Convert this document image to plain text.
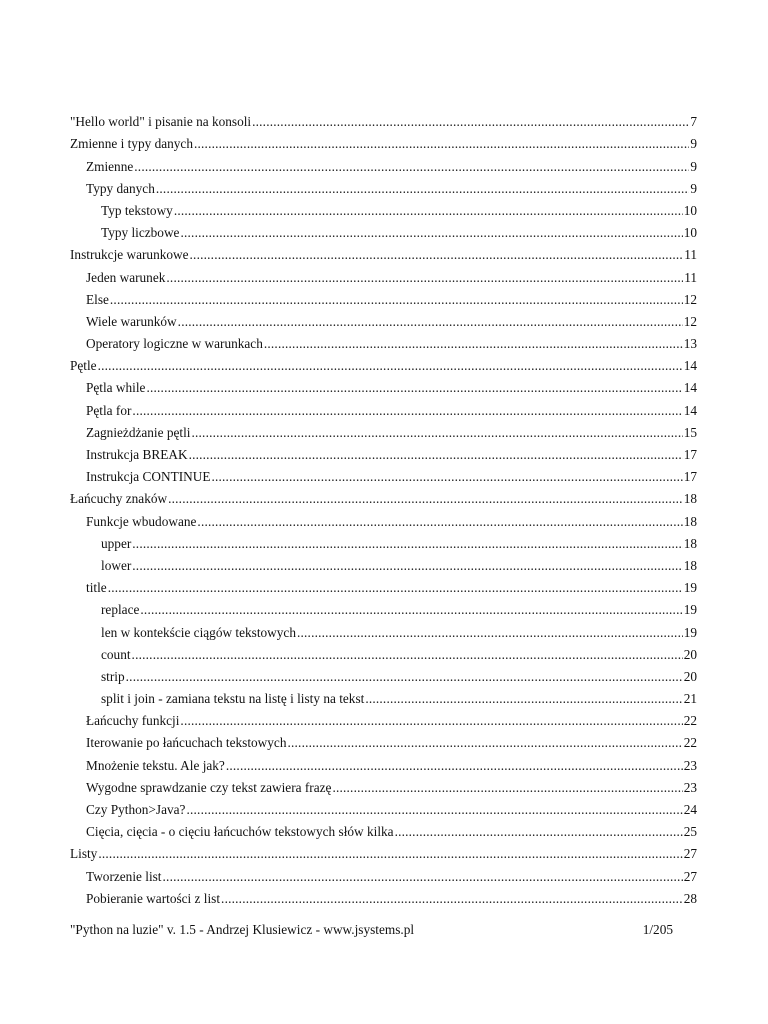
"Hello world" i pisanie na konsoli .....	7
Zmienne i typy danych .....	9
Zmienne .....	9
Typy danych .....	9
Typ tekstowy .....	10
Typy liczbowe .....	10
Instrukcje warunkowe .....	11
Jeden warunek .....	11
Else .....	12
Wiele warunków .....	12
Operatory logiczne w warunkach .....	13
Pętle .....	14
Pętla while .....	14
Pętla for .....	14
Zagnieżdżanie pętli .....	15
Instrukcja BREAK .....	17
Instrukcja CONTINUE .....	17
Łańcuchy znaków .....	18
Funkcje wbudowane .....	18
upper .....	18
lower .....	18
title .....	19
replace .....	19
len w kontekście ciągów tekstowych .....	19
count .....	20
strip .....	20
split i join - zamiana tekstu na listę i listy na tekst .....	21
Łańcuchy funkcji .....	22
Iterowanie po łańcuchach tekstowych .....	22
Mnożenie tekstu. Ale jak? .....	23
Wygodne sprawdzanie czy tekst zawiera frazę .....	23
Czy Python>Java? .....	24
Cięcia, cięcia - o cięciu łańcuchów tekstowych słów kilka .....	25
Listy .....	27
Tworzenie list .....	27
Pobieranie wartości z list .....	28
"Python na luzie" v. 1.5 - Andrzej Klusiewicz - www.jsystems.pl	1/205
